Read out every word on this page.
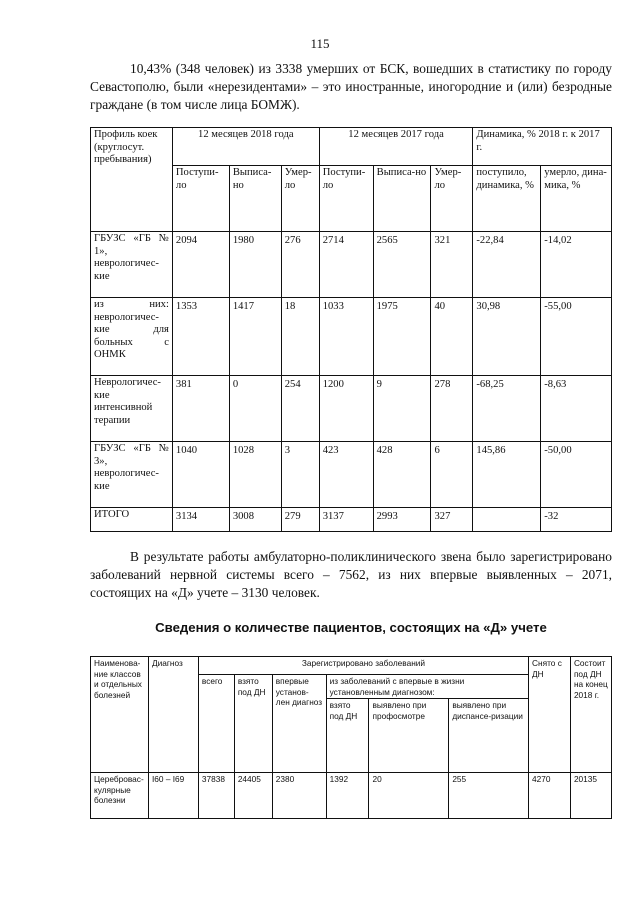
115

10,43% (348 человек) из 3338 умерших от БСК, вошедших в статистику по городу Севастополю, были «нерезидентами» – это иностранные, иногородние и (или) безродные граждане (в том числе лица БОМЖ).

Профиль коек (круглосут. пребывания)	12 месяцев 2018 года			12 месяцев 2017 года			Динамика, % 2018 г. к 2017 г.	
	Поступи-ло	Выписа-но	Умер-ло	Поступи-ло	Выписа-но	Умер-ло	поступило, динамика, %	умерло, дина-мика, %
ГБУЗС «ГБ № 1», неврологичес-кие	2094	1980	276	2714	2565	321	-22,84	-14,02
из них: неврологичес-кие для больных с ОНМК	1353	1417	18	1033	1975	40	30,98	-55,00
Неврологичес-кие интенсивной терапии	381	0	254	1200	9	278	-68,25	-8,63
ГБУЗС «ГБ № 3», неврологичес-кие	1040	1028	3	423	428	6	145,86	-50,00
ИТОГО	3134	3008	279	3137	2993	327		-32

В результате работы амбулаторно-поликлинического звена было зарегистрировано заболеваний нервной системы всего – 7562, из них впервые выявленных – 2071, состоящих на «Д» учете – 3130 человек.

Сведения о количестве пациентов, состоящих на «Д» учете
Наименова-ние классов и отдельных болезней	Диагноз	Зарегистрировано заболеваний						Снято с ДН	Состоит под ДН на конец 2018 г.
		всего	взято под ДН	впервые установ-лен диагноз	из заболеваний с впервые в жизни установленным диагнозом:				
					взято под ДН	выявлено при профосмотре	выявлено при диспансе-ризации		
Цереброваc-кулярные болезни	I60 – I69	37838	24405	2380	1392	20	255	4270	20135
